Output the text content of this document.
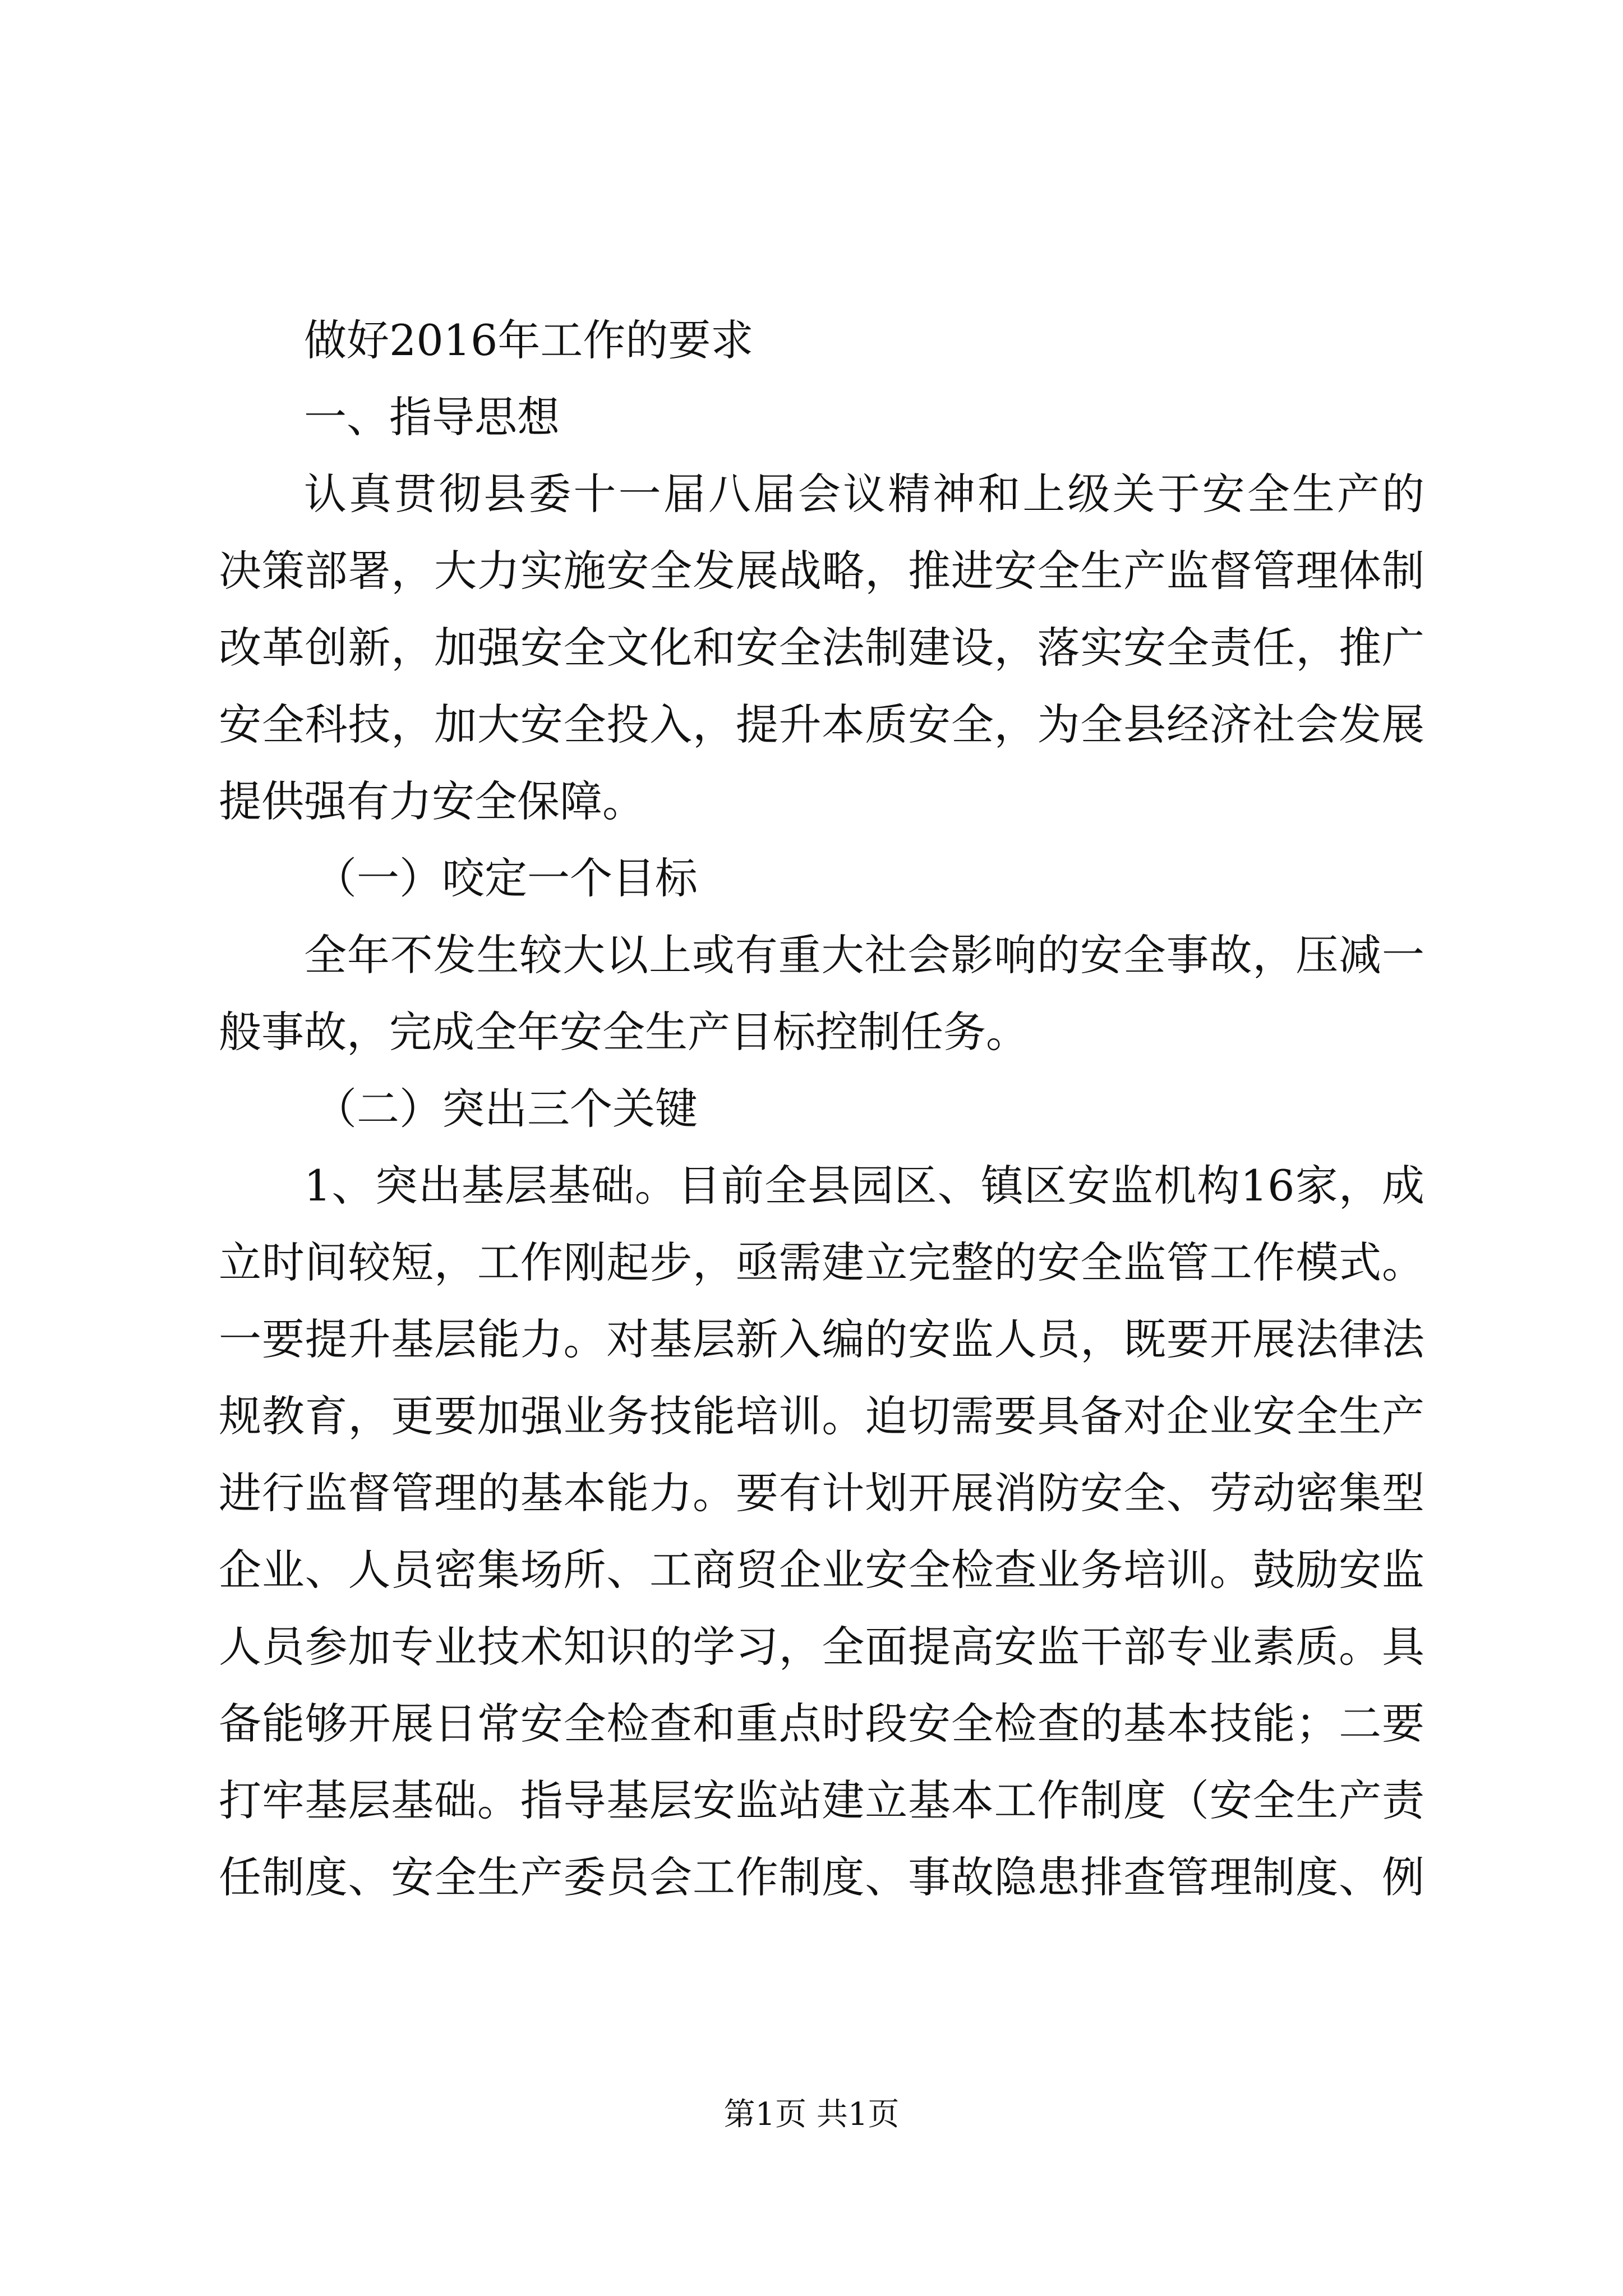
做好2016年工作的要求
一、指导思想
认真贯彻县委十一届八届会议精神和上级关于安全生产的
决策部署，大力实施安全发展战略，推进安全生产监督管理体制
改革创新，加强安全文化和安全法制建设，落实安全责任，推广
安全科技，加大安全投入，提升本质安全，为全县经济社会发展
提供强有力安全保障。
（一）咬定一个目标
全年不发生较大以上或有重大社会影响的安全事故，压减一
般事故，完成全年安全生产目标控制任务。
（二）突出三个关键
1、突出基层基础。目前全县园区、镇区安监机构16家，成
立时间较短，工作刚起步，亟需建立完整的安全监管工作模式。
一要提升基层能力。对基层新入编的安监人员，既要开展法律法
规教育，更要加强业务技能培训。迫切需要具备对企业安全生产
进行监督管理的基本能力。要有计划开展消防安全、劳动密集型
企业、人员密集场所、工商贸企业安全检查业务培训。鼓励安监
人员参加专业技术知识的学习，全面提高安监干部专业素质。具
备能够开展日常安全检查和重点时段安全检查的基本技能；二要
打牢基层基础。指导基层安监站建立基本工作制度（安全生产责
任制度、安全生产委员会工作制度、事故隐患排查管理制度、例
第1页 共1页
